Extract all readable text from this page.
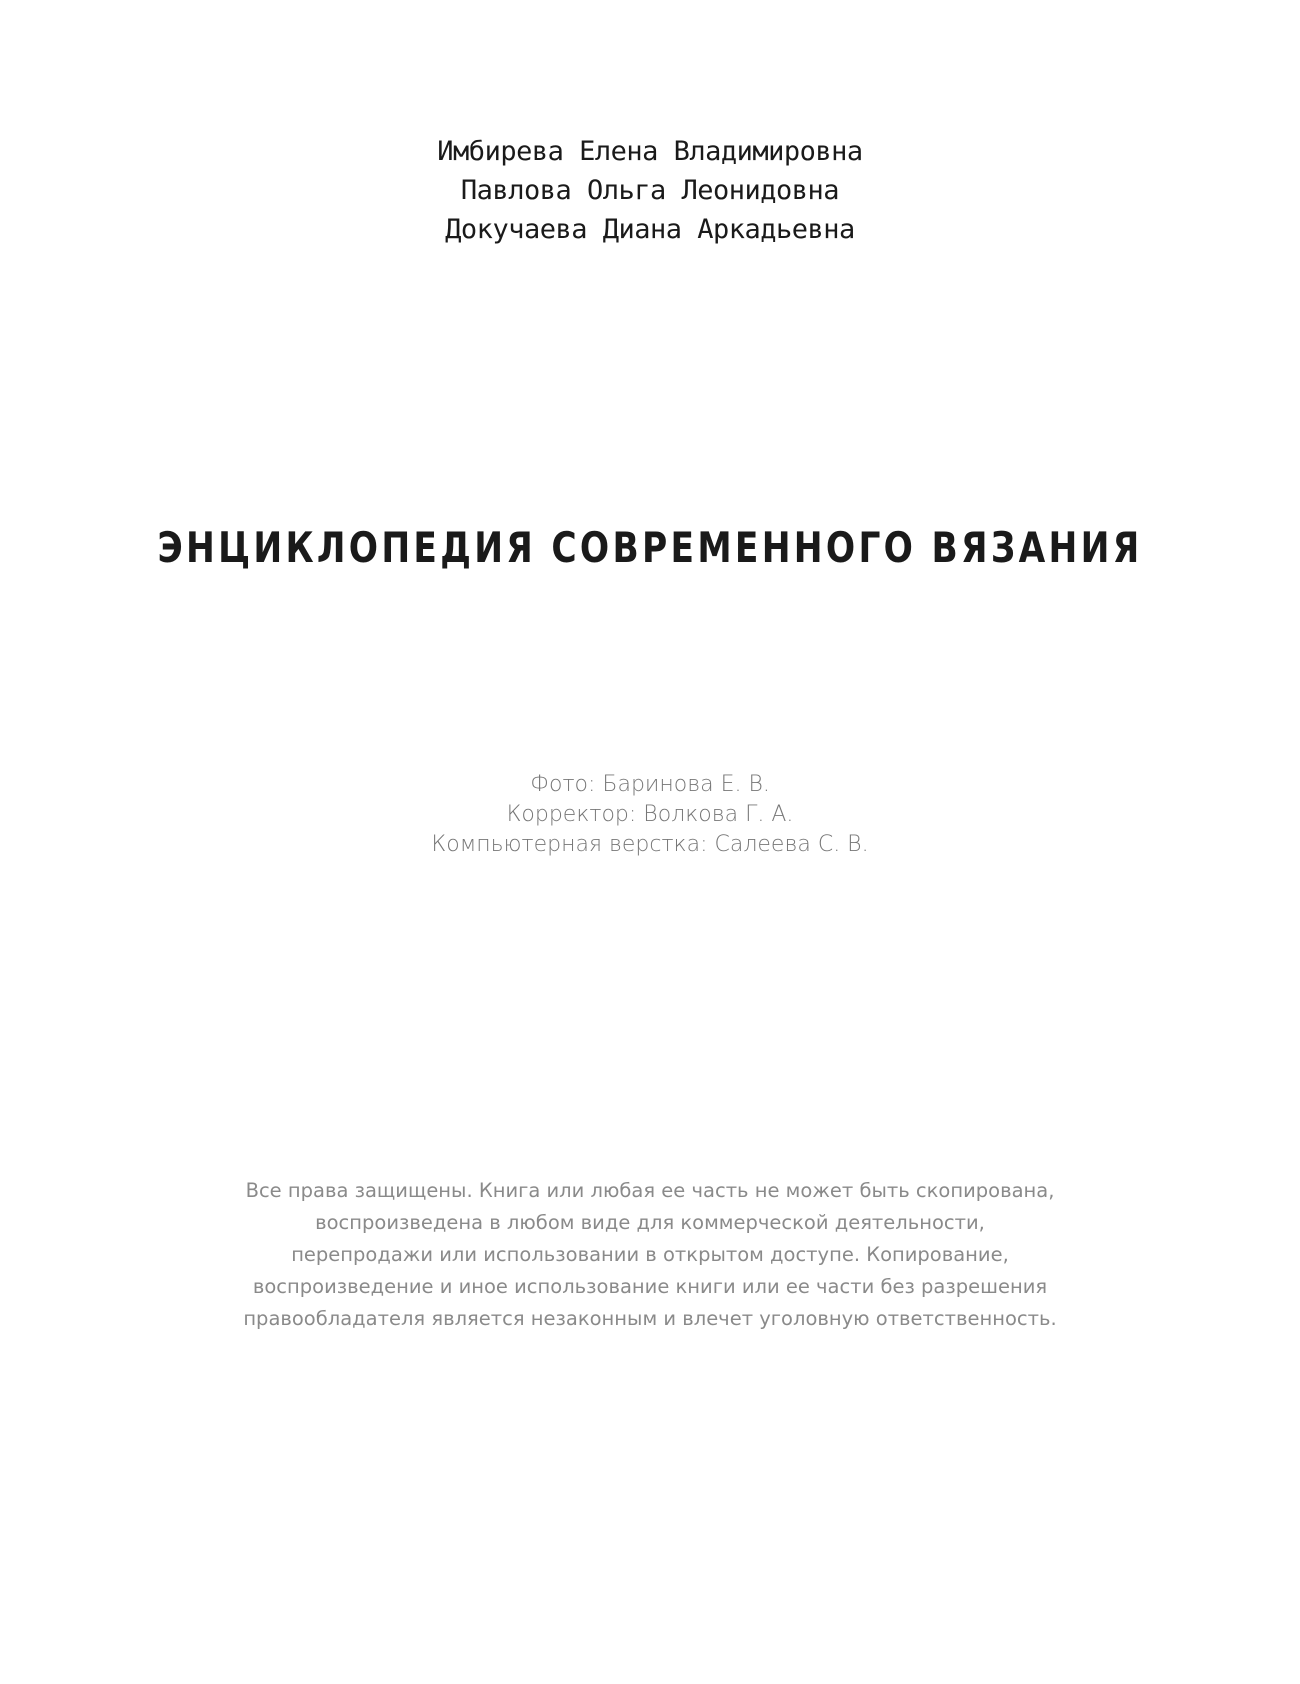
Имбирева Елена Владимировна
Павлова Ольга Леонидовна
Докучаева Диана Аркадьевна
ЭНЦИКЛОПЕДИЯ СОВРЕМЕННОГО ВЯЗАНИЯ
Фото: Баринова Е. В.
Корректор: Волкова Г. А.
Компьютерная верстка: Салеева С. В.
Все права защищены. Книга или любая ее часть не может быть скопирована,
воспроизведена в любом виде для коммерческой деятельности,
перепродажи или использовании в открытом доступе. Копирование,
воспроизведение и иное использование книги или ее части без разрешения
правообладателя является незаконным и влечет уголовную ответственность.
